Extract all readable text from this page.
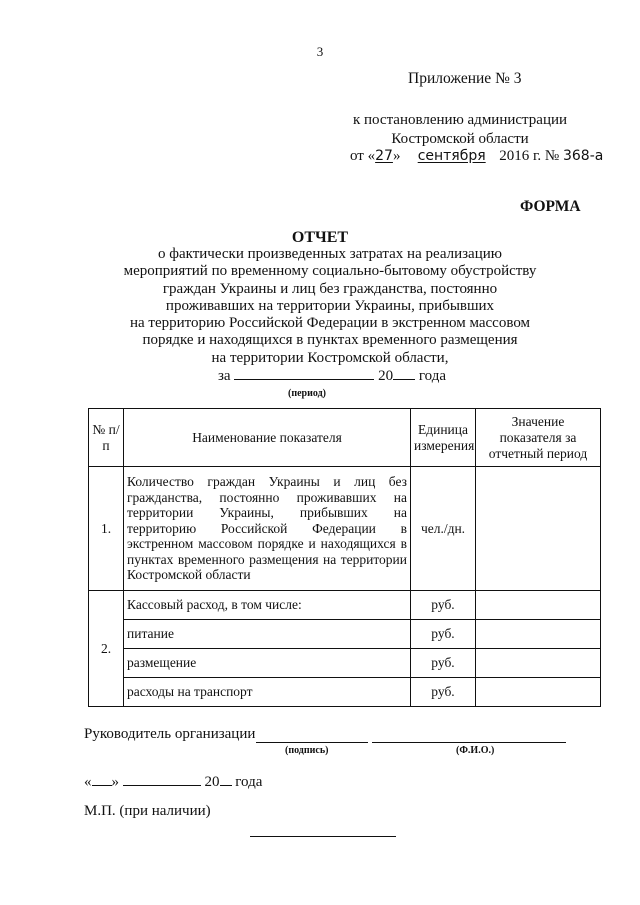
3
Приложение № 3
к постановлению администрации
Костромской области
от «27» сентября 2016 г. № 368-а
ФОРМА
ОТЧЕТ
о фактически произведенных затратах на реализацию
мероприятий по временному социально-бытовому обустройству
граждан Украины и лиц без гражданства, постоянно
проживавших на территории Украины, прибывших
на территорию Российской Федерации в экстренном массовом
порядке и находящихся в пунктах временного размещения
на территории Костромской области,
за	20 года
(период)
№ п/п	Наименование показателя	Единица измерения	Значение показателя за отчетный период
1.	Количество граждан Украины и лиц без гражданства, постоянно проживавших на территории Украины, прибывших на территорию Российской Федерации в экстренном массовом порядке и находящихся в пунктах временного размещения на территории Костромской области	чел./дн.	
2.	Кассовый расход, в том числе:	руб.	
	питание	руб.	
	размещение	руб.	
	расходы на транспорт	руб.	
Руководитель организации
(подпись)	(Ф.И.О.)
« »	20 года
М.П. (при наличии)
